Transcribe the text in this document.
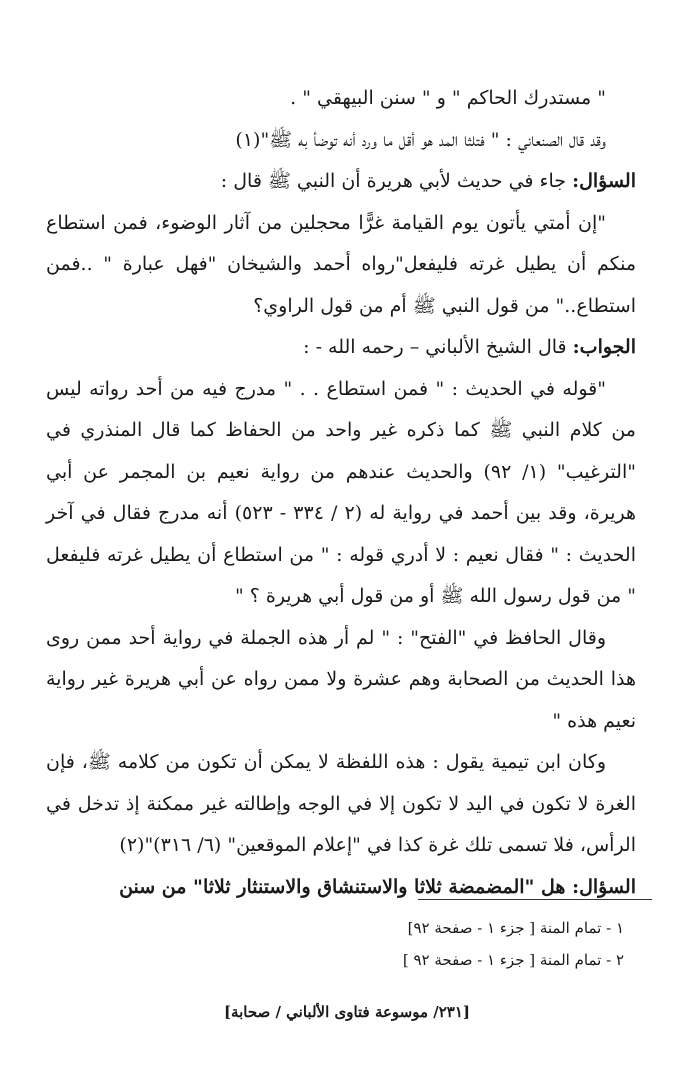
" مستدرك الحاكم " و " سنن البيهقي " .

وقد قال الصنعاني : " فتلثا المد هو أقل ما ورد أنه توضأ به ﷺ"(١)

السؤال: جاء في حديث لأبي هريرة أن النبي ﷺ قال :

"إن أمتي يأتون يوم القيامة غرًّا محجلين من آثار الوضوء، فمن استطاع منكم أن يطيل غرته فليفعل"رواه أحمد والشيخان "فهل عبارة " ..فمن استطاع.." من قول النبي ﷺ أم من قول الراوي؟

الجواب: قال الشيخ الألباني – رحمه الله - :

"قوله في الحديث : " فمن استطاع . . " مدرج فيه من أحد رواته ليس من كلام النبي ﷺ كما ذكره غير واحد من الحفاظ كما قال المنذري في "الترغيب" (١/ ٩٢) والحديث عندهم من رواية نعيم بن المجمر عن أبي هريرة، وقد بين أحمد في رواية له (٢ / ٣٣٤ - ٥٢٣) أنه مدرج فقال في آخر الحديث : " فقال نعيم : لا أدري قوله : " من استطاع أن يطيل غرته فليفعل " من قول رسول الله ﷺ أو من قول أبي هريرة ؟ "

وقال الحافظ في "الفتح" : " لم أر هذه الجملة في رواية أحد ممن روى هذا الحديث من الصحابة وهم عشرة ولا ممن رواه عن أبي هريرة غير رواية نعيم هذه "

وكان ابن تيمية يقول : هذه اللفظة لا يمكن أن تكون من كلامه ﷺ، فإن الغرة لا تكون في اليد لا تكون إلا في الوجه وإطالته غير ممكنة إذ تدخل في الرأس، فلا تسمى تلك غرة كذا في "إعلام الموقعين" (٦/ ٣١٦)"(٢)

السؤال: هل "المضمضة ثلاثا والاستنشاق والاستنثار ثلاثا" من سنن

١ - تمام المنة [ جزء ١ - صفحة ٩٢]
٢ - تمام المنة [ جزء ١ - صفحة ٩٢ ]
[٢٣١/ موسوعة فتاوى الألباني / صحابة]
